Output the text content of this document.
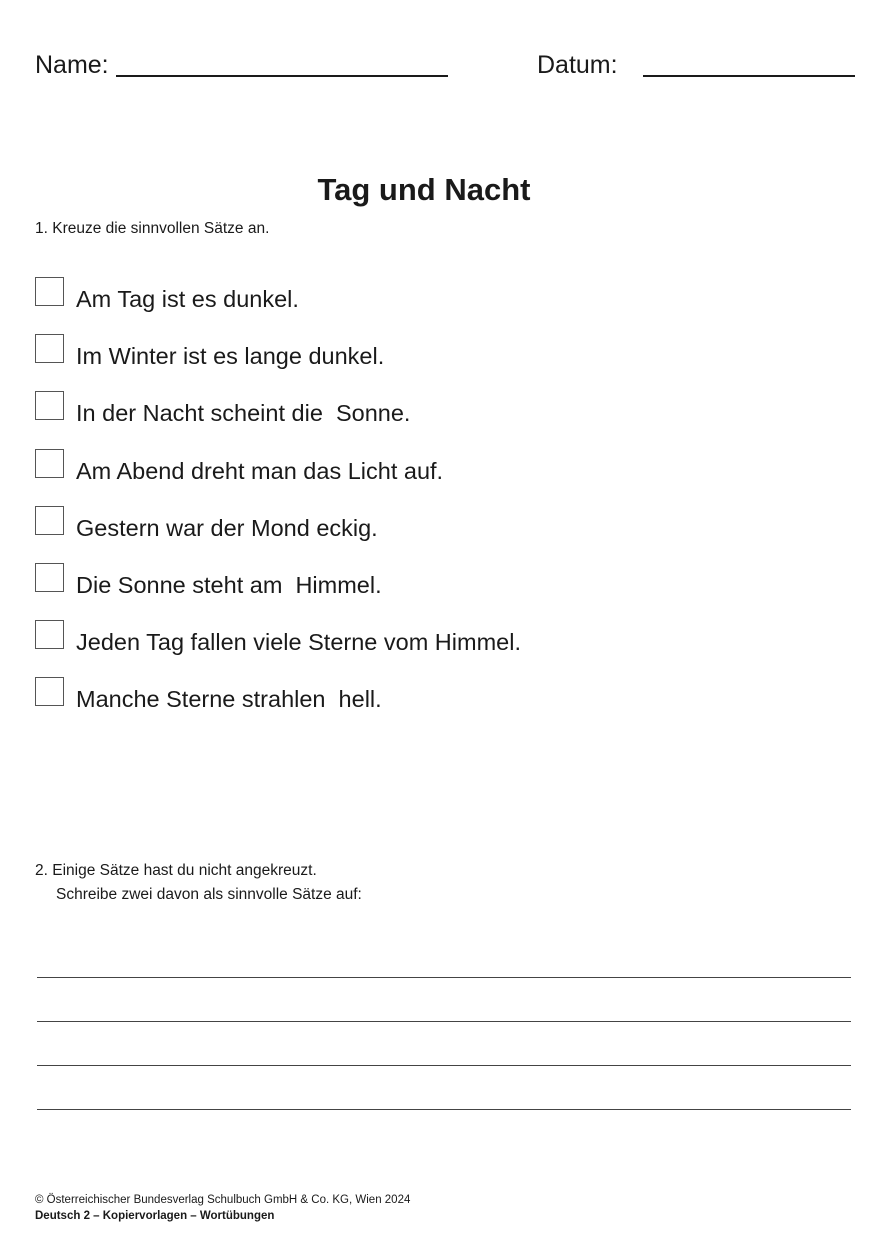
Name:	Datum:
Tag und Nacht
1. Kreuze die sinnvollen Sätze an.
Am Tag ist es dunkel.
Im Winter ist es lange dunkel.
In der Nacht scheint die  Sonne.
Am Abend dreht man das Licht auf.
Gestern war der Mond eckig.
Die Sonne steht am  Himmel.
Jeden Tag fallen viele Sterne vom Himmel.
Manche Sterne strahlen  hell.
2. Einige Sätze hast du nicht angekreuzt.
Schreibe zwei davon als sinnvolle Sätze auf:
© Österreichischer Bundesverlag Schulbuch GmbH & Co. KG, Wien 2024
Deutsch 2 – Kopiervorlagen – Wortübungen
